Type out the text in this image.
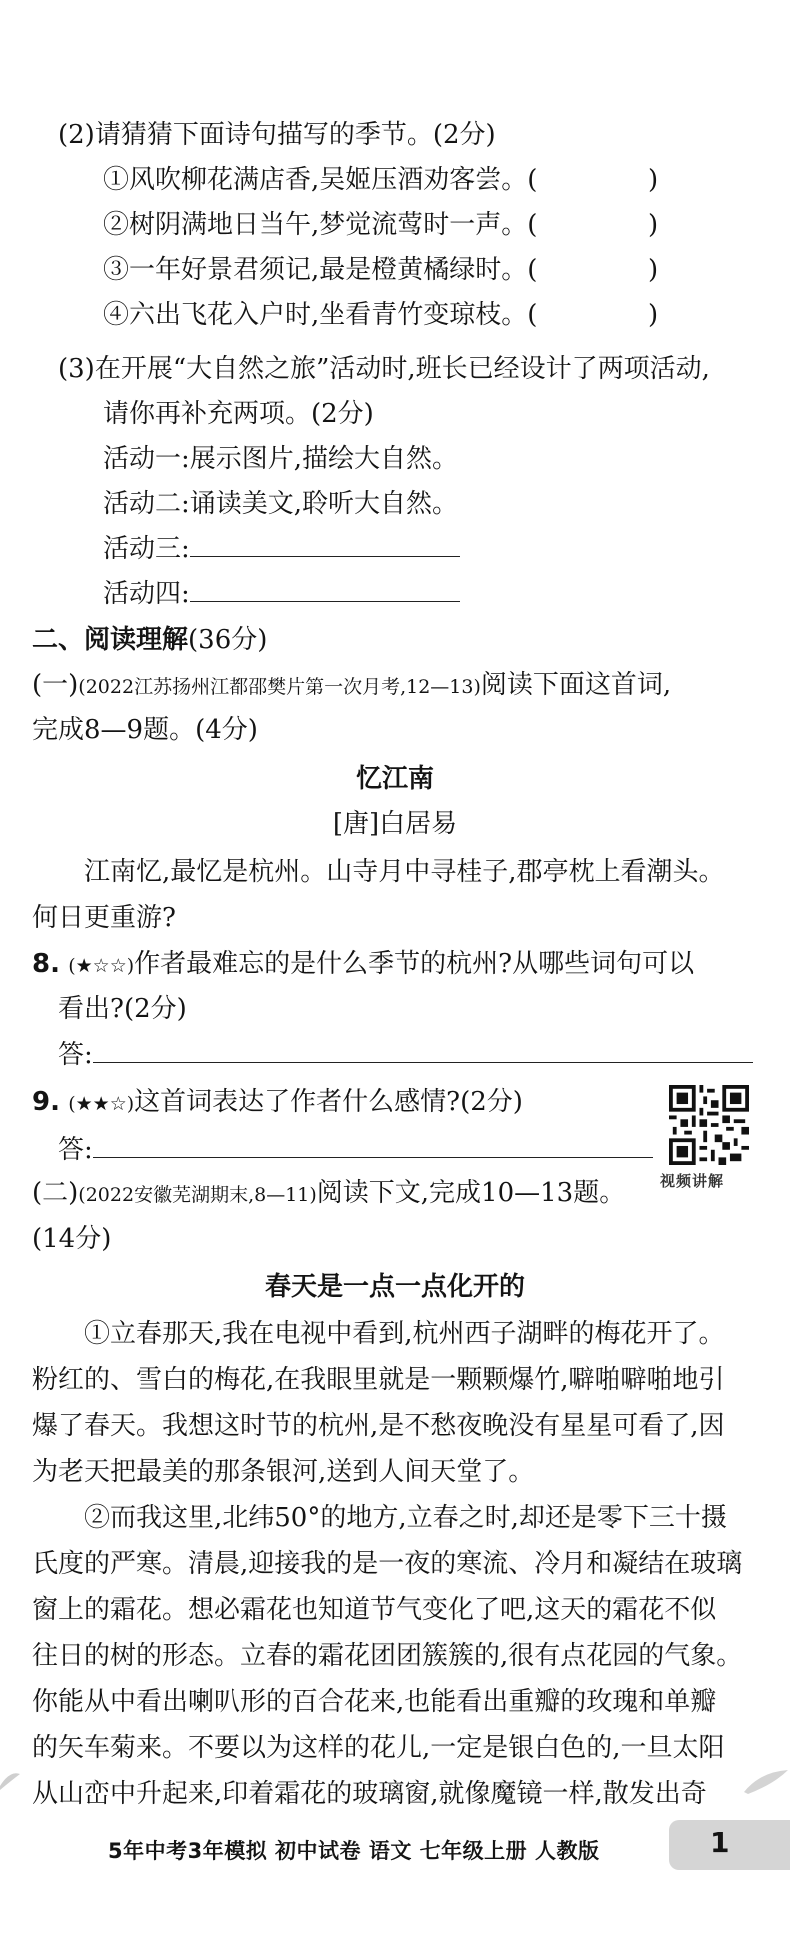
(2)请猜猜下面诗句描写的季节。(2分)
①风吹柳花满店香,吴姬压酒劝客尝。(	)
②树阴满地日当午,梦觉流莺时一声。(	)
③一年好景君须记,最是橙黄橘绿时。(	)
④六出飞花入户时,坐看青竹变琼枝。(	)
(3)在开展“大自然之旅”活动时,班长已经设计了两项活动,
请你再补充两项。(2分)
活动一:展示图片,描绘大自然。
活动二:诵读美文,聆听大自然。
活动三:
活动四:
二、阅读理解(36分)
(一)(2022江苏扬州江都邵樊片第一次月考,12—13)阅读下面这首词,
完成8—9题。(4分)
忆江南
[唐]白居易
江南忆,最忆是杭州。山寺月中寻桂子,郡亭枕上看潮头。
何日更重游?
8. (★☆☆)作者最难忘的是什么季节的杭州?从哪些词句可以
看出?(2分)
答:
9. (★★☆)这首词表达了作者什么感情?(2分)
答:
视频讲解
(二)(2022安徽芜湖期末,8—11)阅读下文,完成10—13题。
(14分)
春天是一点一点化开的
①立春那天,我在电视中看到,杭州西子湖畔的梅花开了。
粉红的、雪白的梅花,在我眼里就是一颗颗爆竹,噼啪噼啪地引
爆了春天。我想这时节的杭州,是不愁夜晚没有星星可看了,因
为老天把最美的那条银河,送到人间天堂了。
②而我这里,北纬50°的地方,立春之时,却还是零下三十摄
氏度的严寒。清晨,迎接我的是一夜的寒流、冷月和凝结在玻璃
窗上的霜花。想必霜花也知道节气变化了吧,这天的霜花不似
往日的树的形态。立春的霜花团团簇簇的,很有点花园的气象。
你能从中看出喇叭形的百合花来,也能看出重瓣的玫瑰和单瓣
的矢车菊来。不要以为这样的花儿,一定是银白色的,一旦太阳
从山峦中升起来,印着霜花的玻璃窗,就像魔镜一样,散发出奇
5年中考3年模拟 初中试卷 语文 七年级上册 人教版	1
